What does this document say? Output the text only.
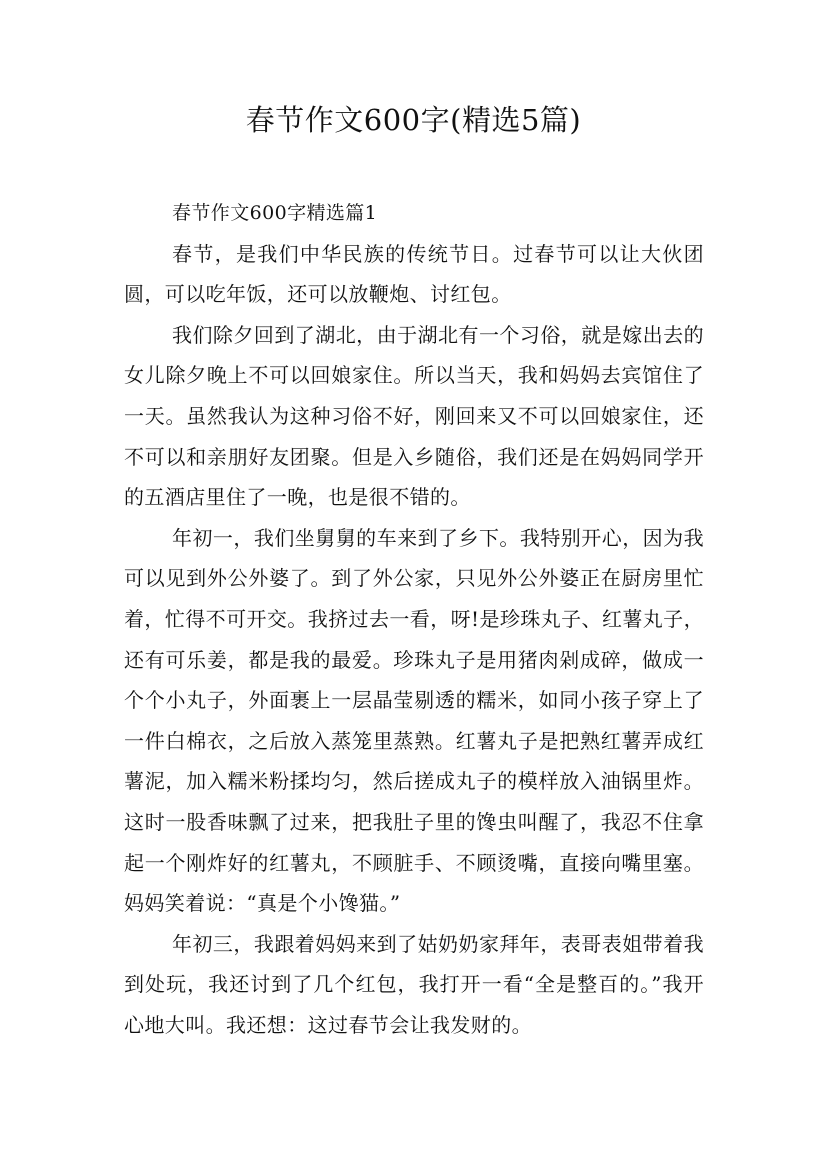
春节作文600字(精选5篇)

春节作文600字精选篇1

春节，是我们中华民族的传统节日。过春节可以让大伙团圆，可以吃年饭，还可以放鞭炮、讨红包。

我们除夕回到了湖北，由于湖北有一个习俗，就是嫁出去的女儿除夕晚上不可以回娘家住。所以当天，我和妈妈去宾馆住了一天。虽然我认为这种习俗不好，刚回来又不可以回娘家住，还不可以和亲朋好友团聚。但是入乡随俗，我们还是在妈妈同学开的五酒店里住了一晚，也是很不错的。

年初一，我们坐舅舅的车来到了乡下。我特别开心，因为我可以见到外公外婆了。到了外公家，只见外公外婆正在厨房里忙着，忙得不可开交。我挤过去一看，呀!是珍珠丸子、红薯丸子，还有可乐姜，都是我的最爱。珍珠丸子是用猪肉剁成碎，做成一个个小丸子，外面裹上一层晶莹剔透的糯米，如同小孩子穿上了一件白棉衣，之后放入蒸笼里蒸熟。红薯丸子是把熟红薯弄成红薯泥，加入糯米粉揉均匀，然后搓成丸子的模样放入油锅里炸。这时一股香味飘了过来，把我肚子里的馋虫叫醒了，我忍不住拿起一个刚炸好的红薯丸，不顾脏手、不顾烫嘴，直接向嘴里塞。妈妈笑着说：“真是个小馋猫。”

年初三，我跟着妈妈来到了姑奶奶家拜年，表哥表姐带着我到处玩，我还讨到了几个红包，我打开一看“全是整百的。”我开心地大叫。我还想：这过春节会让我发财的。
